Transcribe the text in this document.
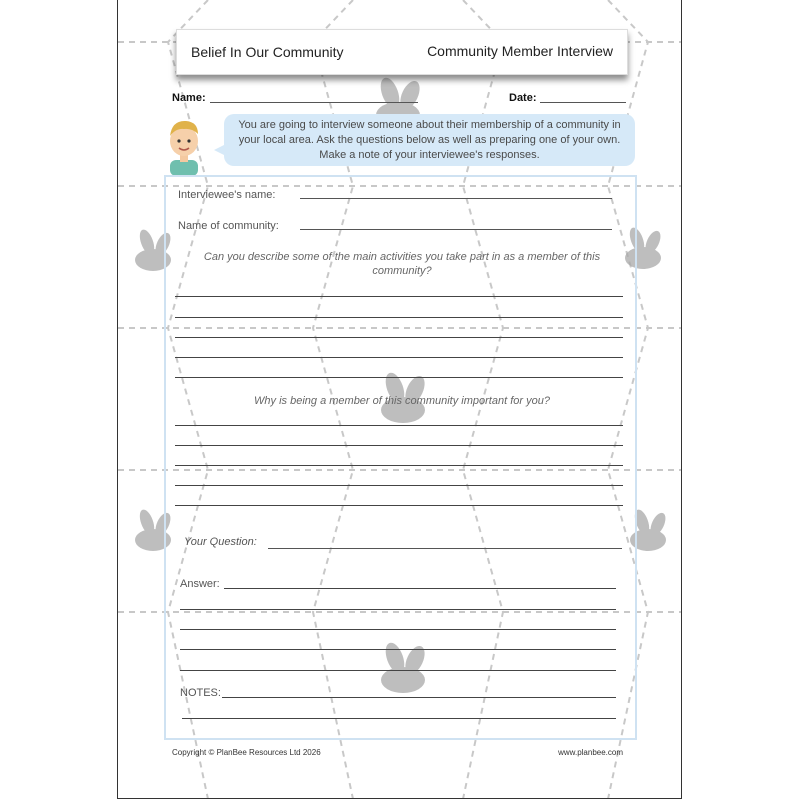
Belief In Our Community	Community Member Interview
Name:	Date:

You are going to interview someone about their membership of a community in your local area. Ask the questions below as well as preparing one of your own. Make a note of your interviewee's responses.

Interviewee's name:
Name of community:
Can you describe some of the main activities you take part in as a member of this community?
Why is being a member of this community important for you?
Your Question:
Answer:
NOTES:
Copyright © PlanBee Resources Ltd 2026	www.planbee.com
